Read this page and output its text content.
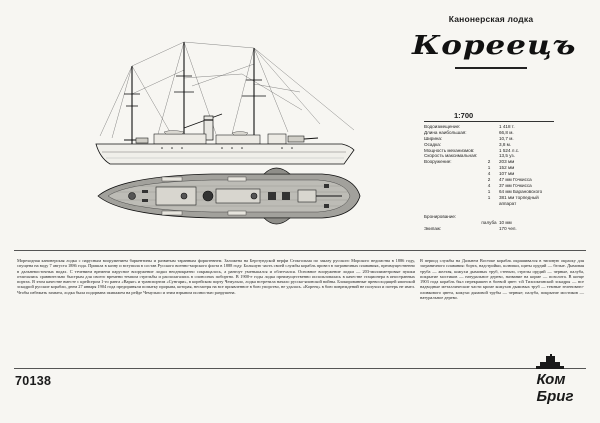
Канонерская лодка
Кореецъ
1:700
Водоизмещение:	1 418 т.
Длина наибольшая:	66,8 м.
Ширина:	10,7 м.
Осадка:	3,8 м.
Мощность механизмов:	1 524 л.с.
Скорость максимальная:	13,5 уз.
Вооружение:	2	203 мм
1	152 мм
4	107 мм
2	47 мм Гочкисса
4	37 мм Гочкисса
1	64 мм Барановского
1	381 мм торпедный
аппарат
Бронирование:
палуба 10 мм
Экипаж:	170 чел.
Мореходная канонерская лодка с парусным вооружением баркентины и развитым таранным форштевнем. Заложена на Бергзундской верфи Стокгольма по заказу русского Морского ведомства в 1886 году, спущена на воду 7 августа 1886 года. Пришла в казну и вступила в состав Русского военно-морского флота в 1888 году. Большую часть своей службы корабль провел в заграничных плаваниях, преимущественно в дальневосточных водах. С течением времени парусное вооружение лодки неоднократно сокращалось, а рангоут уменьшался и облегчался. Основное вооружение лодки — 203-миллиметровые пушки отличались сравнительно быстрым для своего времени темпом стрельбы и располагались в спонсонах побортно. В 1900-е годы лодка преимущественно использовалась в качестве стационера в иностранных портах. В этом качестве вместе с крейсером 1-го ранга «Варяг» и транспортом «Сунгари», в корейском порту Чемульпо, лодка встретила начало русско-японской войны. Блокированные превосходящей японской эскадрой русские корабли, днем 27 января 1904 года предприняли попытку прорыва, которая, несмотря на все проявленное в бою упорство, не удалась. «Кореец» в бою повреждений не получил и потерь не имел. Чтобы избежать захвата, лодка была подорвана экипажем на рейде Чемульпо и этим взрывом полностью разрушена.
В период службы на Дальнем Востоке корабль окрашивался в типовую окраску для заграничного плавания: борта, надстройки, шлюпки, щиты орудий — белые. Дымовая труба — желтая, кожухи дымовых труб, стеньги, стрелы орудий — черные, палуба, покрытие мостиков — натуральное дерево, название на корме — позолота. В конце 1903 года корабль был перекрашен в боевой цвет: т.й Тихоокеанской эскадры — все надводные металлические части кроме кожухов дымовых труб — темные зеленовато-оливкового цвета, кожухи дымовой трубы — черные; палуба, покрытие мостиков — натуральное дерево.
70138	Ком
Бриг
